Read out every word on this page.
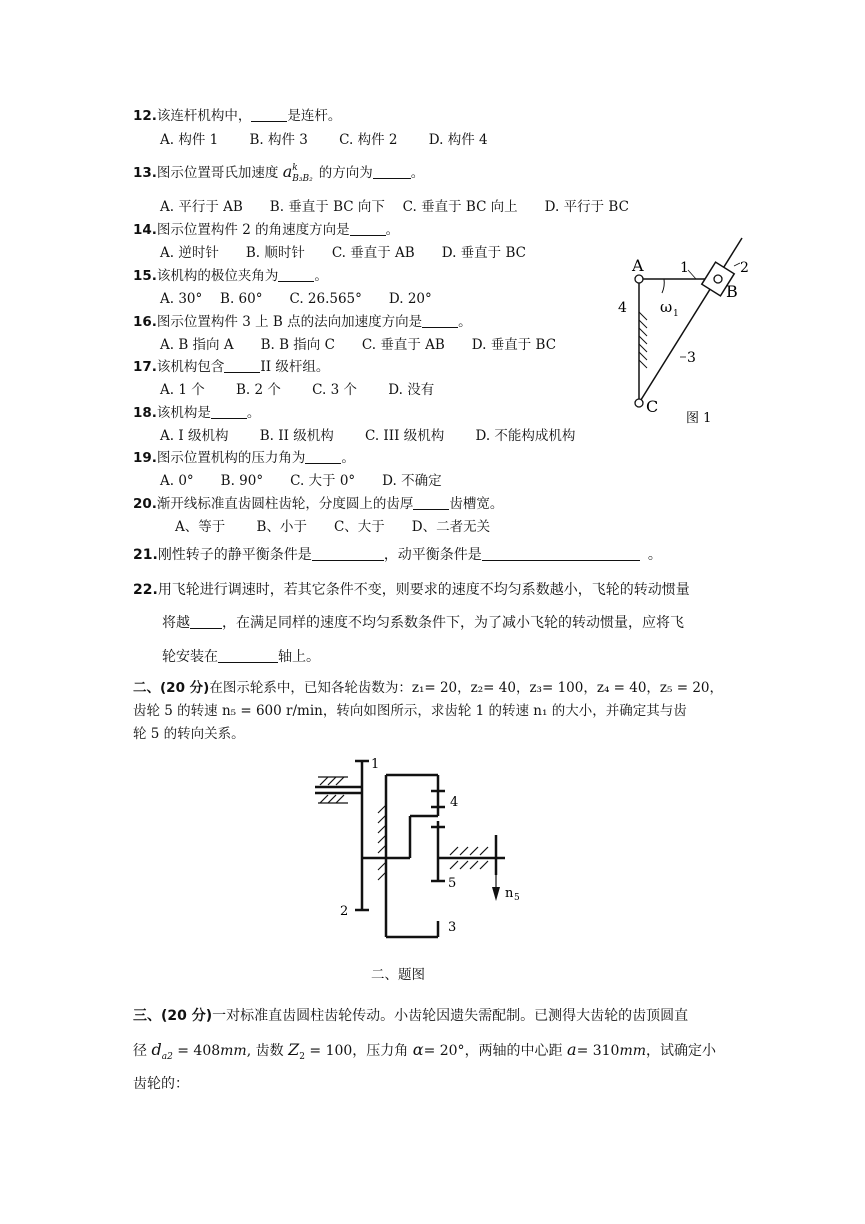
12.该连杆机构中，	是连杆。
A. 构件 1　　 B. 构件 3　　 C. 构件 2　　 D. 构件 4
13.图示位置哥氏加速度 a k
B₃B₂ 的方向为	。
A. 平行于 AB　　B. 垂直于 BC 向下　 C. 垂直于 BC 向上　　D. 平行于 BC
14.图示位置构件 2 的角速度方向是	。
A. 逆时针　　B. 顺时针　　C. 垂直于 AB　　D. 垂直于 BC
15.该机构的极位夹角为	。
A. 30°　 B. 60°　　C. 26.565°　　D. 20°
16.图示位置构件 3 上 B 点的法向加速度方向是	。
A. B 指向 A　　B. B 指向 C　　C. 垂直于 AB　　D. 垂直于 BC
17.该机构包含	II 级杆组。
A. 1 个　　 B. 2 个　　 C. 3 个　　 D. 没有
18.该机构是	。
A. I 级机构　　 B. II 级机构　　 C. III 级机构　　 D. 不能构成机构
19.图示位置机构的压力角为	。
A. 0°　　B. 90°　　C. 大于 0°　　D. 不确定
20.渐开线标准直齿圆柱齿轮，分度圆上的齿厚	齿槽宽。
A、等于　　 B、小于　　C、大于　　D、二者无关
21.刚性转子的静平衡条件是	，动平衡条件是	。
22.用飞轮进行调速时，若其它条件不变，则要求的速度不均匀系数越小，飞轮的转动惯量
将越 ，在满足同样的速度不均匀系数条件下，为了减小飞轮的转动惯量，应将飞
轮安装在	轴上。
A	1	2
B
4 ω 1
3
C
图 1
二、(20 分)在图示轮系中，已知各轮齿数为：z₁= 20，z₂= 40，z₃= 100，z₄ = 40，z₅ = 20，
齿轮 5 的转速 n₅ = 600 r/min，转向如图所示，求齿轮 1 的转速 n₁ 的大小，并确定其与齿
轮 5 的转向关系。
1
4
5
2
3
n 5
二、题图
三、(20 分)一对标准直齿圆柱齿轮传动。小齿轮因遗失需配制。已测得大齿轮的齿顶圆直
径 $d_{a2} = 408mm$, 齿数 $Z_2 = 100$，压力角 α= 20°，两轴的中心距 a= 310mm，试确定小
齿轮的：
